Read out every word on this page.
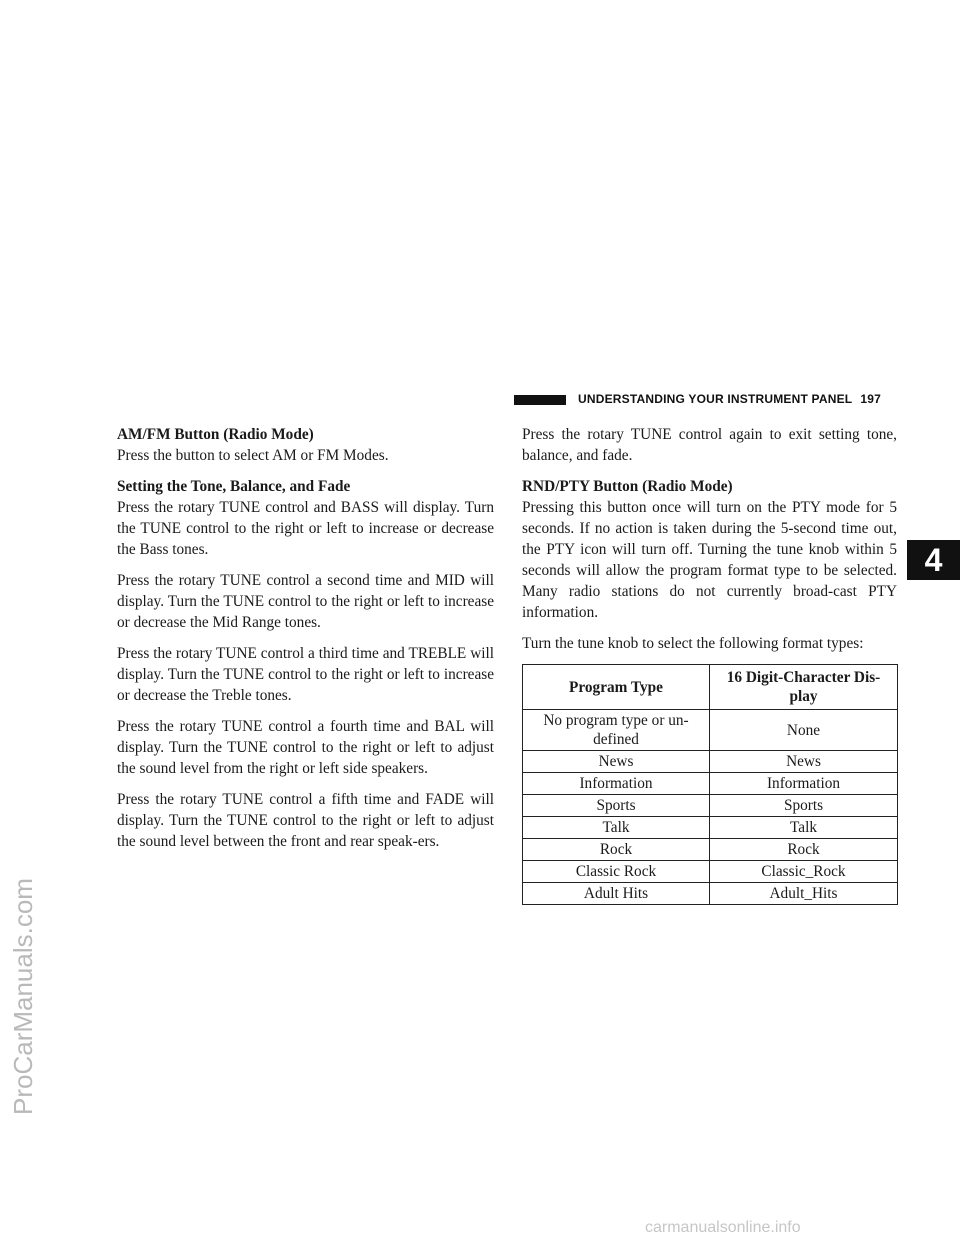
UNDERSTANDING YOUR INSTRUMENT PANEL 197
AM/FM Button (Radio Mode)

Press the button to select AM or FM Modes.

Setting the Tone, Balance, and Fade

Press the rotary TUNE control and BASS will display. Turn the TUNE control to the right or left to increase or decrease the Bass tones.

Press the rotary TUNE control a second time and MID will display. Turn the TUNE control to the right or left to increase or decrease the Mid Range tones.

Press the rotary TUNE control a third time and TREBLE will display. Turn the TUNE control to the right or left to increase or decrease the Treble tones.

Press the rotary TUNE control a fourth time and BAL will display. Turn the TUNE control to the right or left to adjust the sound level from the right or left side speakers.

Press the rotary TUNE control a fifth time and FADE will display. Turn the TUNE control to the right or left to adjust the sound level between the front and rear speak-ers.

Press the rotary TUNE control again to exit setting tone, balance, and fade.

RND/PTY Button (Radio Mode)

Pressing this button once will turn on the PTY mode for 5 seconds. If no action is taken during the 5-second time out, the PTY icon will turn off. Turning the tune knob within 5 seconds will allow the program format type to be selected. Many radio stations do not currently broad-cast PTY information.

Turn the tune knob to select the following format types:

Program Type	16 Digit-Character Dis-play
No program type or un-defined	None
News	News
Information	Information
Sports	Sports
Talk	Talk
Rock	Rock
Classic Rock	Classic_Rock
Adult Hits	Adult_Hits
4
ProCarManuals.com
carmanualsonline.info
